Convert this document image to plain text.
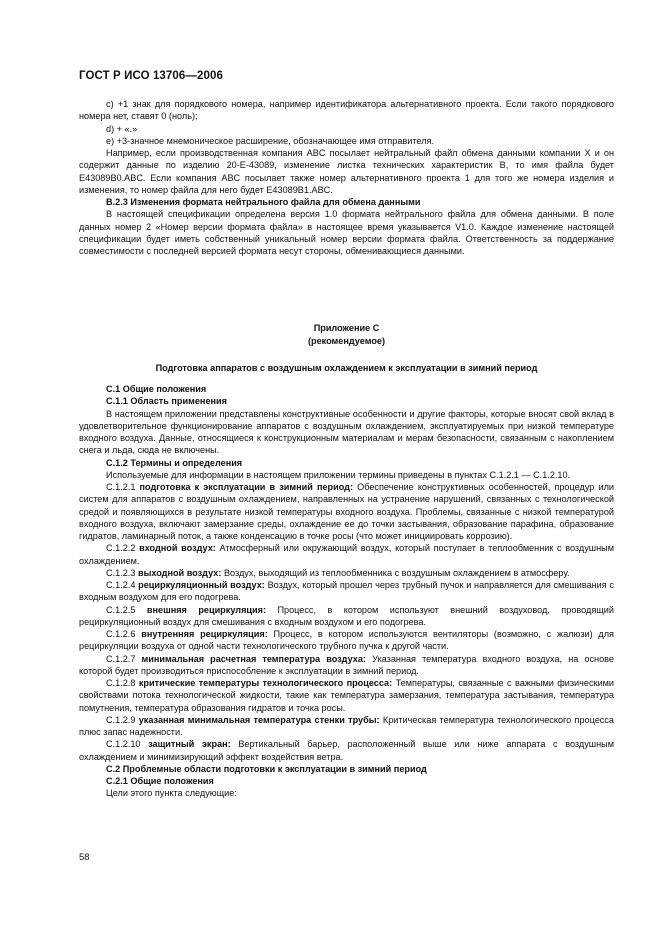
ГОСТ Р ИСО 13706—2006

c) +1 знак для порядкового номера, например идентификатора альтернативного проекта. Если такого порядкового номера нет, ставят 0 (ноль);

d) + «.»

e) +3-значное мнемоническое расширение, обозначающее имя отправителя.

Например, если производственная компания ABC посылает нейтральный файл обмена данными компании X и он содержит данные по изделию 20-E-43089, изменение листка технических характеристик B, то имя файла будет E43089B0.ABC. Если компания ABC посылает также номер альтернативного проекта 1 для того же номера изделия и изменения, то номер файла для него будет E43089B1.ABC.

B.2.3 Изменения формата нейтрального файла для обмена данными

В настоящей спецификации определена версия 1.0 формата нейтрального файла для обмена данными. В поле данных номер 2 «Номер версии формата файла» в настоящее время указывается V1.0. Каждое изменение настоящей спецификации будет иметь собственный уникальный номер версии формата файла. Ответственность за поддержание совместимости с последней версией формата несут стороны, обменивающиеся данными.

Приложение С

(рекомендуемое)

Подготовка аппаратов с воздушным охлаждением к эксплуатации в зимний период

C.1 Общие положения

C.1.1 Область применения

В настоящем приложении представлены конструктивные особенности и другие факторы, которые вносят свой вклад в удовлетворительное функционирование аппаратов с воздушным охлаждением, эксплуатируемых при низкой температуре входного воздуха. Данные, относящиеся к конструкционным материалам и мерам безопасности, связанным с накоплением снега и льда, сюда не включены.

C.1.2 Термины и определения

Используемые для информации в настоящем приложении термины приведены в пунктах C.1.2.1 — C.1.2.10.

C.1.2.1 подготовка к эксплуатации в зимний период: Обеспечение конструктивных особенностей, процедур или систем для аппаратов с воздушным охлаждением, направленных на устранение нарушений, связанных с технологической средой и появляющихся в результате низкой температуры входного воздуха. Проблемы, связанные с низкой температурой входного воздуха, включают замерзание среды, охлаждение ее до точки застывания, образование парафина, образование гидратов, ламинарный поток, а также конденсацию в точке росы (что может инициировать коррозию).

C.1.2.2 входной воздух: Атмосферный или окружающий воздух, который поступает в теплообменник с воздушным охлаждением.

C.1.2.3 выходной воздух: Воздух, выходящий из теплообменника с воздушным охлаждением в атмосферу.

C.1.2.4 рециркуляционный воздух: Воздух, который прошел через трубный пучок и направляется для смешивания с входным воздухом для его подогрева.

C.1.2.5 внешняя рециркуляция: Процесс, в котором используют внешний воздуховод, проводящий рециркуляционный воздух для смешивания с входным воздухом и его подогрева.

C.1.2.6 внутренняя рециркуляция: Процесс, в котором используются вентиляторы (возможно, с жалюзи) для рециркуляции воздуха от одной части технологического трубного пучка к другой части.

C.1.2.7 минимальная расчетная температура воздуха: Указанная температура входного воздуха, на основе которой будет производиться приспособление к эксплуатации в зимний период.

C.1.2.8 критические температуры технологического процесса: Температуры, связанные с важными физическими свойствами потока технологической жидкости, такие как температура замерзания, температура застывания, температура помутнения, температура образования гидратов и точка росы.

C.1.2.9 указанная минимальная температура стенки трубы: Критическая температура технологического процесса плюс запас надежности.

C.1.2.10 защитный экран: Вертикальный барьер, расположенный выше или ниже аппарата с воздушным охлаждением и минимизирующий эффект воздействия ветра.

C.2 Проблемные области подготовки к эксплуатации в зимний период

C.2.1 Общие положения

Цели этого пункта следующие:

58
